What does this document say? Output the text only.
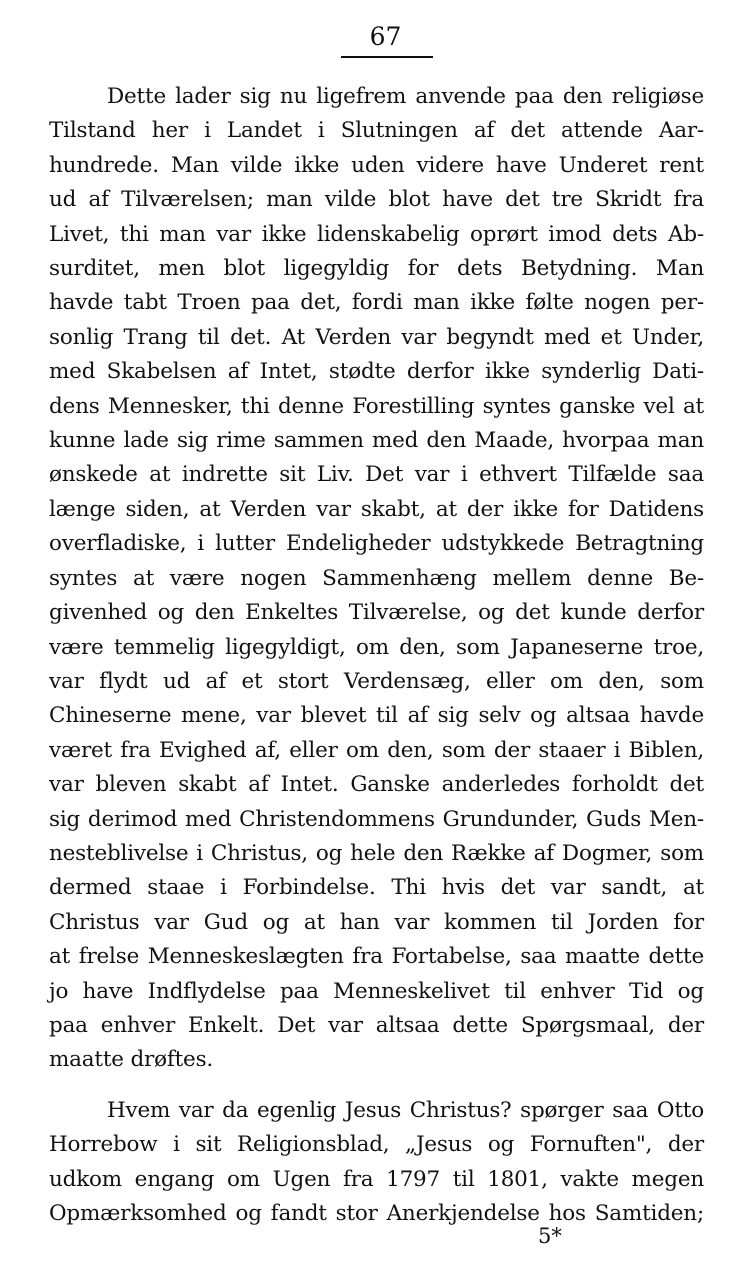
67
Dette lader sig nu ligefrem anvende paa den religiøse
Tilstand her i Landet i Slutningen af det attende Aar-
hundrede. Man vilde ikke uden videre have Underet rent
ud af Tilværelsen; man vilde blot have det tre Skridt fra
Livet, thi man var ikke lidenskabelig oprørt imod dets Ab-
surditet, men blot ligegyldig for dets Betydning. Man
havde tabt Troen paa det, fordi man ikke følte nogen per-
sonlig Trang til det. At Verden var begyndt med et Under,
med Skabelsen af Intet, stødte derfor ikke synderlig Dati-
dens Mennesker, thi denne Forestilling syntes ganske vel at
kunne lade sig rime sammen med den Maade, hvorpaa man
ønskede at indrette sit Liv. Det var i ethvert Tilfælde saa
længe siden, at Verden var skabt, at der ikke for Datidens
overfladiske, i lutter Endeligheder udstykkede Betragtning
syntes at være nogen Sammenhæng mellem denne Be-
givenhed og den Enkeltes Tilværelse, og det kunde derfor
være temmelig ligegyldigt, om den, som Japaneserne troe,
var flydt ud af et stort Verdensæg, eller om den, som
Chineserne mene, var blevet til af sig selv og altsaa havde
været fra Evighed af, eller om den, som der staaer i Biblen,
var bleven skabt af Intet. Ganske anderledes forholdt det
sig derimod med Christendommens Grundunder, Guds Men-
nesteblivelse i Christus, og hele den Række af Dogmer, som
dermed staae i Forbindelse. Thi hvis det var sandt, at
Christus var Gud og at han var kommen til Jorden for
at frelse Menneskeslægten fra Fortabelse, saa maatte dette
jo have Indflydelse paa Menneskelivet til enhver Tid og
paa enhver Enkelt. Det var altsaa dette Spørgsmaal, der
maatte drøftes.
Hvem var da egenlig Jesus Christus? spørger saa Otto
Horrebow i sit Religionsblad, „Jesus og Fornuften", der
udkom engang om Ugen fra 1797 til 1801, vakte megen
Opmærksomhed og fandt stor Anerkjendelse hos Samtiden;
5*
